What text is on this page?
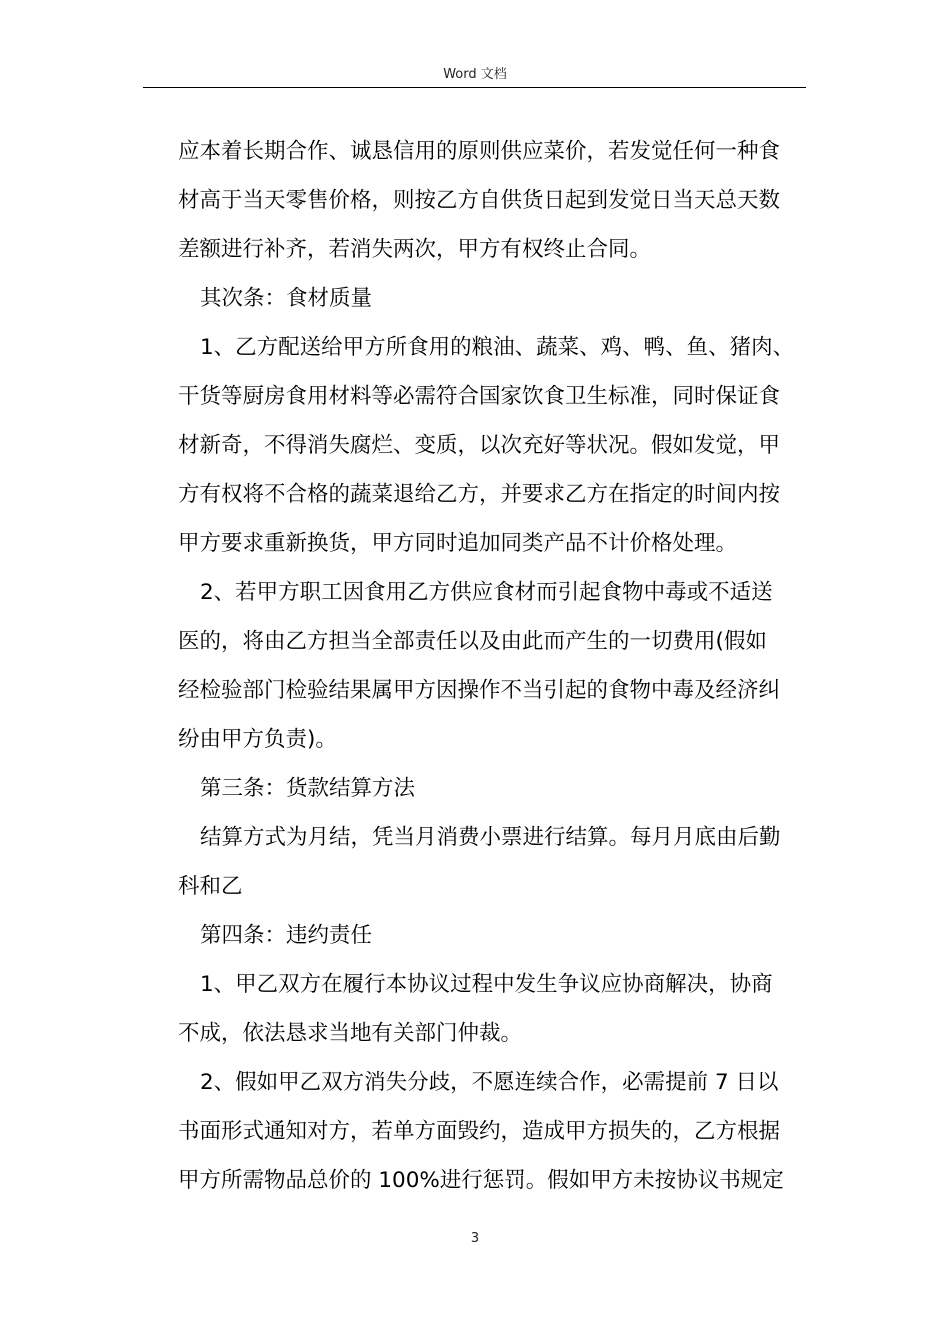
Word 文档
应本着长期合作、诚恳信用的原则供应菜价，若发觉任何一种食
材高于当天零售价格，则按乙方自供货日起到发觉日当天总天数
差额进行补齐，若消失两次，甲方有权终止合同。
其次条：食材质量
1、乙方配送给甲方所食用的粮油、蔬菜、鸡、鸭、鱼、猪肉、
干货等厨房食用材料等必需符合国家饮食卫生标准，同时保证食
材新奇，不得消失腐烂、变质，以次充好等状况。假如发觉，甲
方有权将不合格的蔬菜退给乙方，并要求乙方在指定的时间内按
甲方要求重新换货，甲方同时追加同类产品不计价格处理。
2、若甲方职工因食用乙方供应食材而引起食物中毒或不适送
医的，将由乙方担当全部责任以及由此而产生的一切费用(假如
经检验部门检验结果属甲方因操作不当引起的食物中毒及经济纠
纷由甲方负责)。
第三条：货款结算方法
结算方式为月结，凭当月消费小票进行结算。每月月底由后勤
科和乙
第四条：违约责任
1、甲乙双方在履行本协议过程中发生争议应协商解决，协商
不成，依法恳求当地有关部门仲裁。
2、假如甲乙双方消失分歧，不愿连续合作，必需提前 7 日以
书面形式通知对方，若单方面毁约，造成甲方损失的，乙方根据
甲方所需物品总价的 100%进行惩罚。假如甲方未按协议书规定
3
